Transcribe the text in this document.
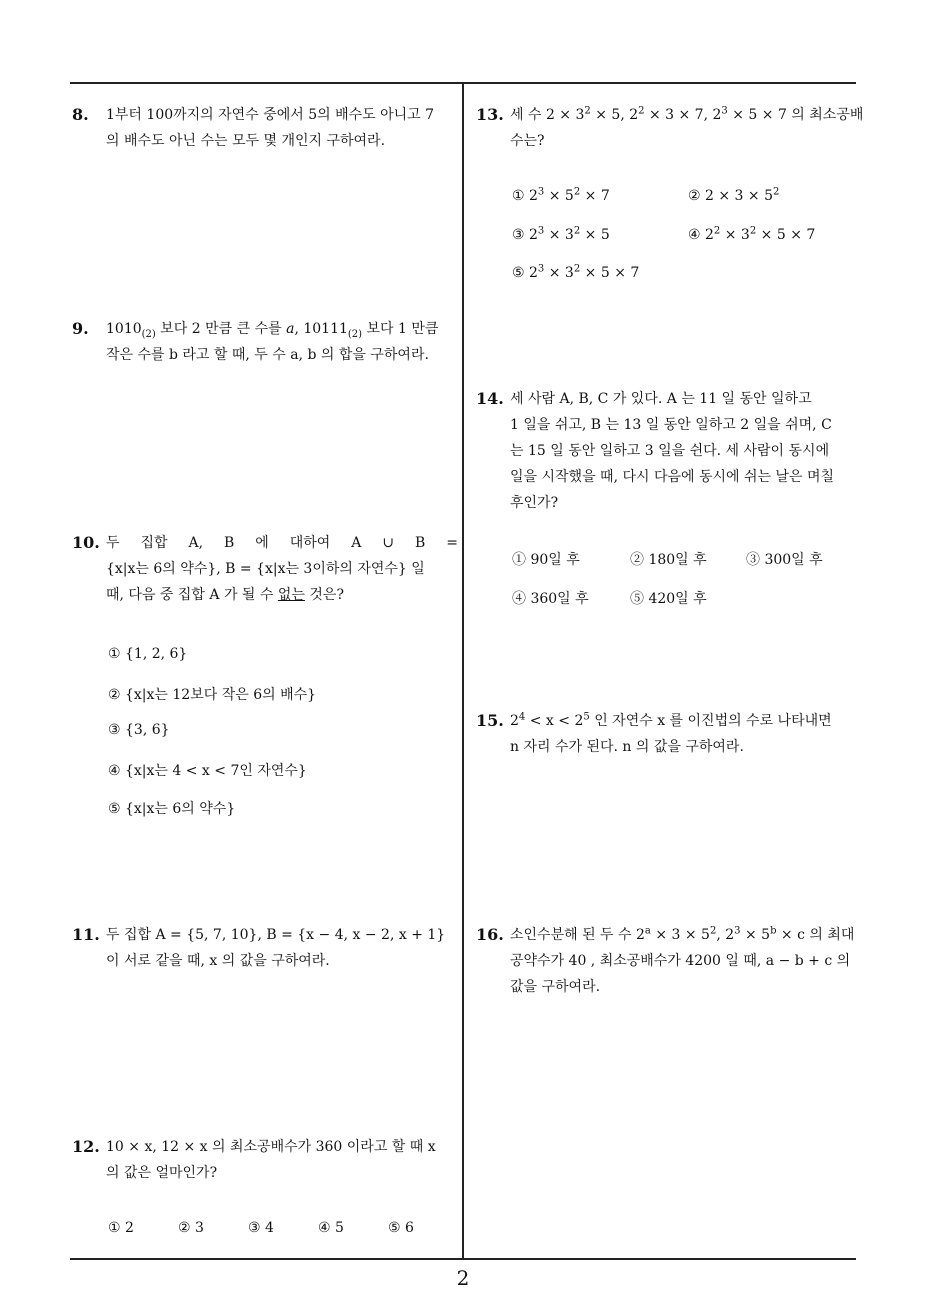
8. 1부터 100까지의 자연수 중에서 5의 배수도 아니고 7
의 배수도 아닌 수는 모두 몇 개인지 구하여라.
9. $1010_{(2)}$ 보다 2 만큼 큰 수를 a, $10111_{(2)}$ 보다 1 만큼
작은 수를 b 라고 할 때, 두 수 a, b 의 합을 구하여라.
10. 두 집합 A, B 에 대하여 A ∪ B =
{x|x는 6의 약수}, B = {x|x는 3이하의 자연수} 일
때, 다음 중 집합 A 가 될 수 없는 것은?
① {1, 2, 6}
② {x|x는 12보다 작은 6의 배수}
③ {3, 6}
④ {x|x는 4 < x < 7인 자연수}
⑤ {x|x는 6의 약수}
11. 두 집합 A = {5, 7, 10}, B = {x − 4, x − 2, x + 1}
이 서로 같을 때, x 의 값을 구하여라.
12. 10 × x, 12 × x 의 최소공배수가 360 이라고 할 때 x
의 값은 얼마인가?
① 2	② 3	③ 4	④ 5	⑤ 6
13. 세 수 $2 \times 3^2 \times 5$, $2^2 \times 3 \times 7$, $2^3 \times 5 \times 7$ 의 최소공배
수는?
① $2^3 \times 5^2 \times 7$	② $2 \times 3 \times 5^2$
③ $2^3 \times 3^2 \times 5$	④ $2^2 \times 3^2 \times 5 \times 7$
⑤ $2^3 \times 3^2 \times 5 \times 7$
14. 세 사람 A, B, C 가 있다. A 는 11 일 동안 일하고
1 일을 쉬고, B 는 13 일 동안 일하고 2 일을 쉬며, C
는 15 일 동안 일하고 3 일을 쉰다. 세 사람이 동시에
일을 시작했을 때, 다시 다음에 동시에 쉬는 날은 며칠
후인가?
① 90일 후	② 180일 후	③ 300일 후
④ 360일 후	⑤ 420일 후
15. $2^4 < x < 2^5$ 인 자연수 x 를 이진법의 수로 나타내면
n 자리 수가 된다. n 의 값을 구하여라.
16. 소인수분해 된 두 수 $2^a \times 3 \times 5^2$, $2^3 \times 5^b \times c$ 의 최대
공약수가 40 , 최소공배수가 4200 일 때, a − b + c 의
값을 구하여라.
2
